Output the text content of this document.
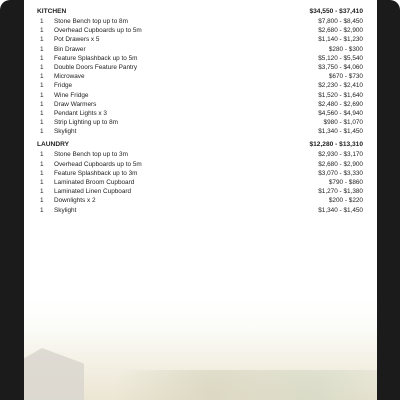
KITCHEN	$34,550 - $37,410
1	Stone Bench top up to 8m	$7,800 - $8,450
1	Overhead Cupboards up to 5m	$2,680 - $2,900
1	Pot Drawers x 5	$1,140 - $1,230
1	Bin Drawer	$280 - $300
1	Feature Splashback up to 5m	$5,120 - $5,540
1	Double Doors Feature Pantry	$3,750 - $4,060
1	Microwave	$670 - $730
1	Fridge	$2,230 - $2,410
1	Wine Fridge	$1,520 - $1,640
1	Draw Warmers	$2,480 - $2,690
1	Pendant Lights x 3	$4,560 - $4,940
1	Strip Lighting up to 8m	$980 - $1,070
1	Skylight	$1,340 - $1,450
LAUNDRY	$12,280 - $13,310
1	Stone Bench top up to 3m	$2,930 - $3,170
1	Overhead Cupboards up to 5m	$2,680 - $2,900
1	Feature Splashback up to 3m	$3,070 - $3,330
1	Laminated Broom Cupboard	$790 - $860
1	Laminated Linen Cupboard	$1,270 - $1,380
1	Downlights x 2	$200 - $220
1	Skylight	$1,340 - $1,450
